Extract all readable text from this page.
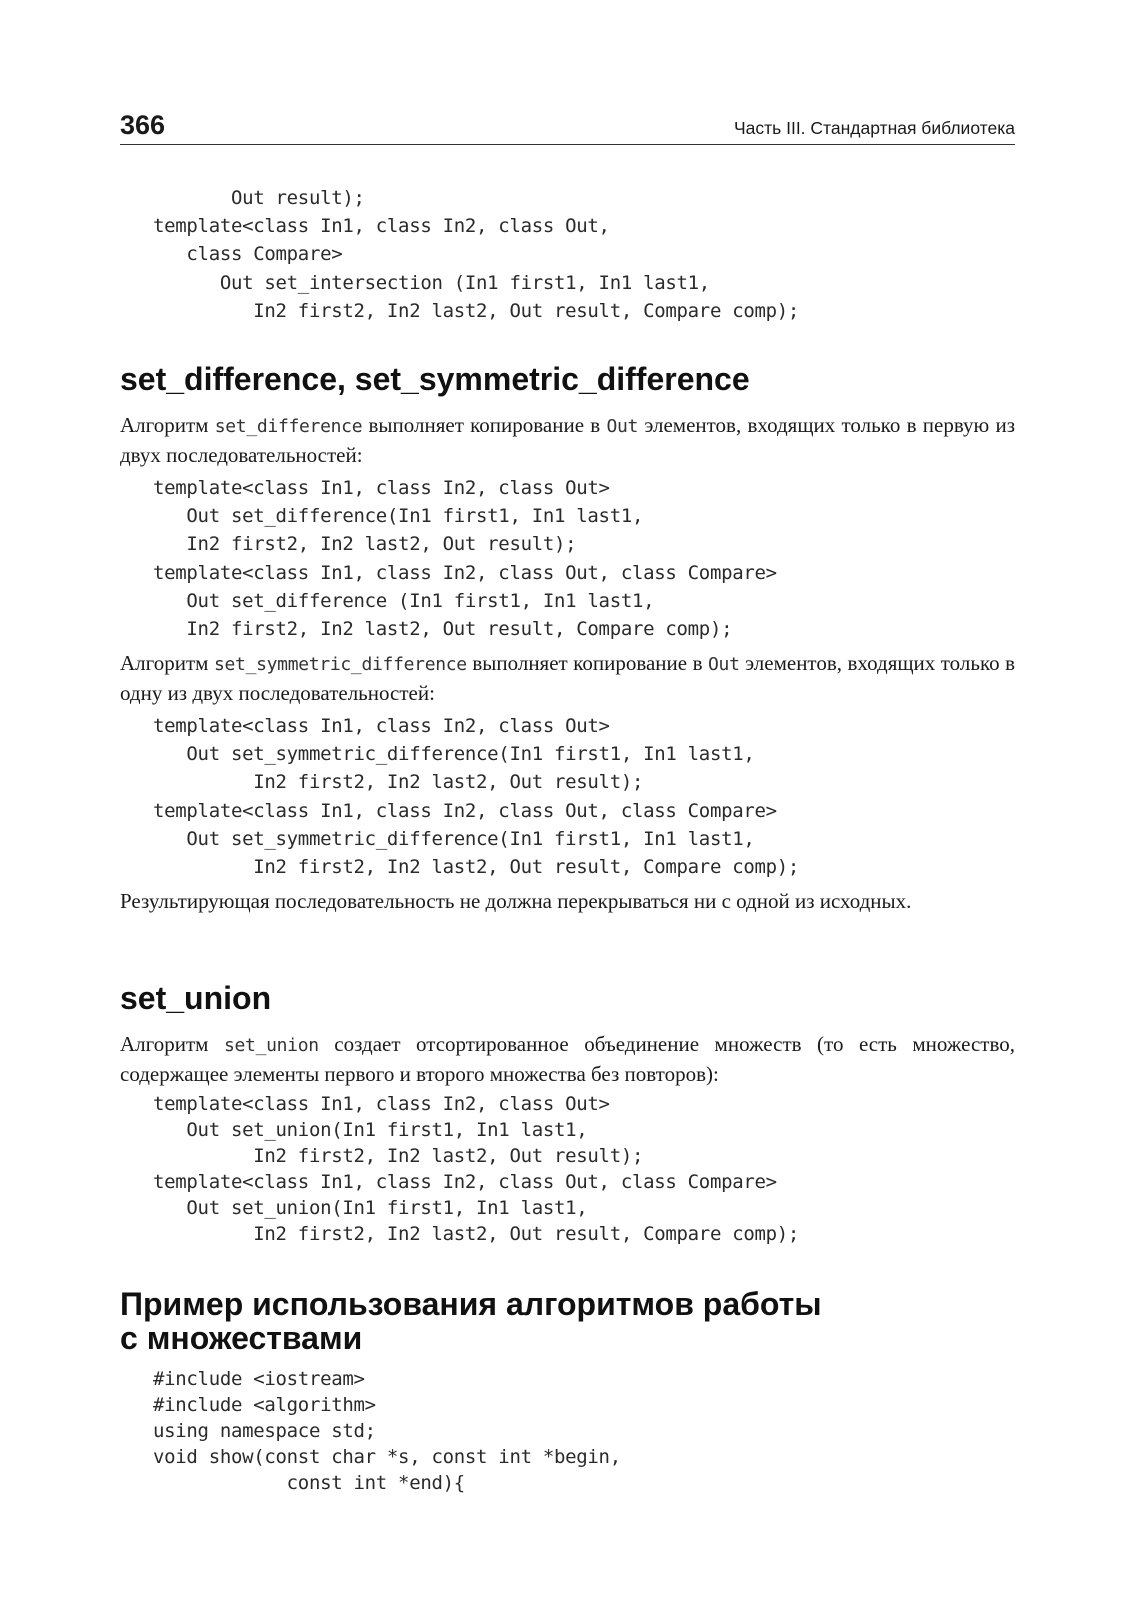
366	Часть III. Стандартная библиотека
Out result);
template<class In1, class In2, class Out,
class Compare>
Out set_intersection (In1 first1, In1 last1,
In2 first2, In2 last2, Out result, Compare comp);
set_difference, set_symmetric_difference

Алгоритм set_difference выполняет копирование в Out элементов, входящих только в первую из двух последовательностей:

template<class In1, class In2, class Out>
Out set_difference(In1 first1, In1 last1,
In2 first2, In2 last2, Out result);
template<class In1, class In2, class Out, class Compare>
Out set_difference (In1 first1, In1 last1,
In2 first2, In2 last2, Out result, Compare comp);

Алгоритм set_symmetric_difference выполняет копирование в Out элементов, входящих только в одну из двух последовательностей:

template<class In1, class In2, class Out>
Out set_symmetric_difference(In1 first1, In1 last1,
In2 first2, In2 last2, Out result);
template<class In1, class In2, class Out, class Compare>
Out set_symmetric_difference(In1 first1, In1 last1,
In2 first2, In2 last2, Out result, Compare comp);

Результирующая последовательность не должна перекрываться ни с одной из исходных.

set_union

Алгоритм set_union создает отсортированное объединение множеств (то есть множество, содержащее элементы первого и второго множества без повторов):

template<class In1, class In2, class Out>
Out set_union(In1 first1, In1 last1,
In2 first2, In2 last2, Out result);
template<class In1, class In2, class Out, class Compare>
Out set_union(In1 first1, In1 last1,
In2 first2, In2 last2, Out result, Compare comp);
Пример использования алгоритмов работы
с множествами
#include <iostream>
#include <algorithm>
using namespace std;
void show(const char *s, const int *begin,
const int *end){
